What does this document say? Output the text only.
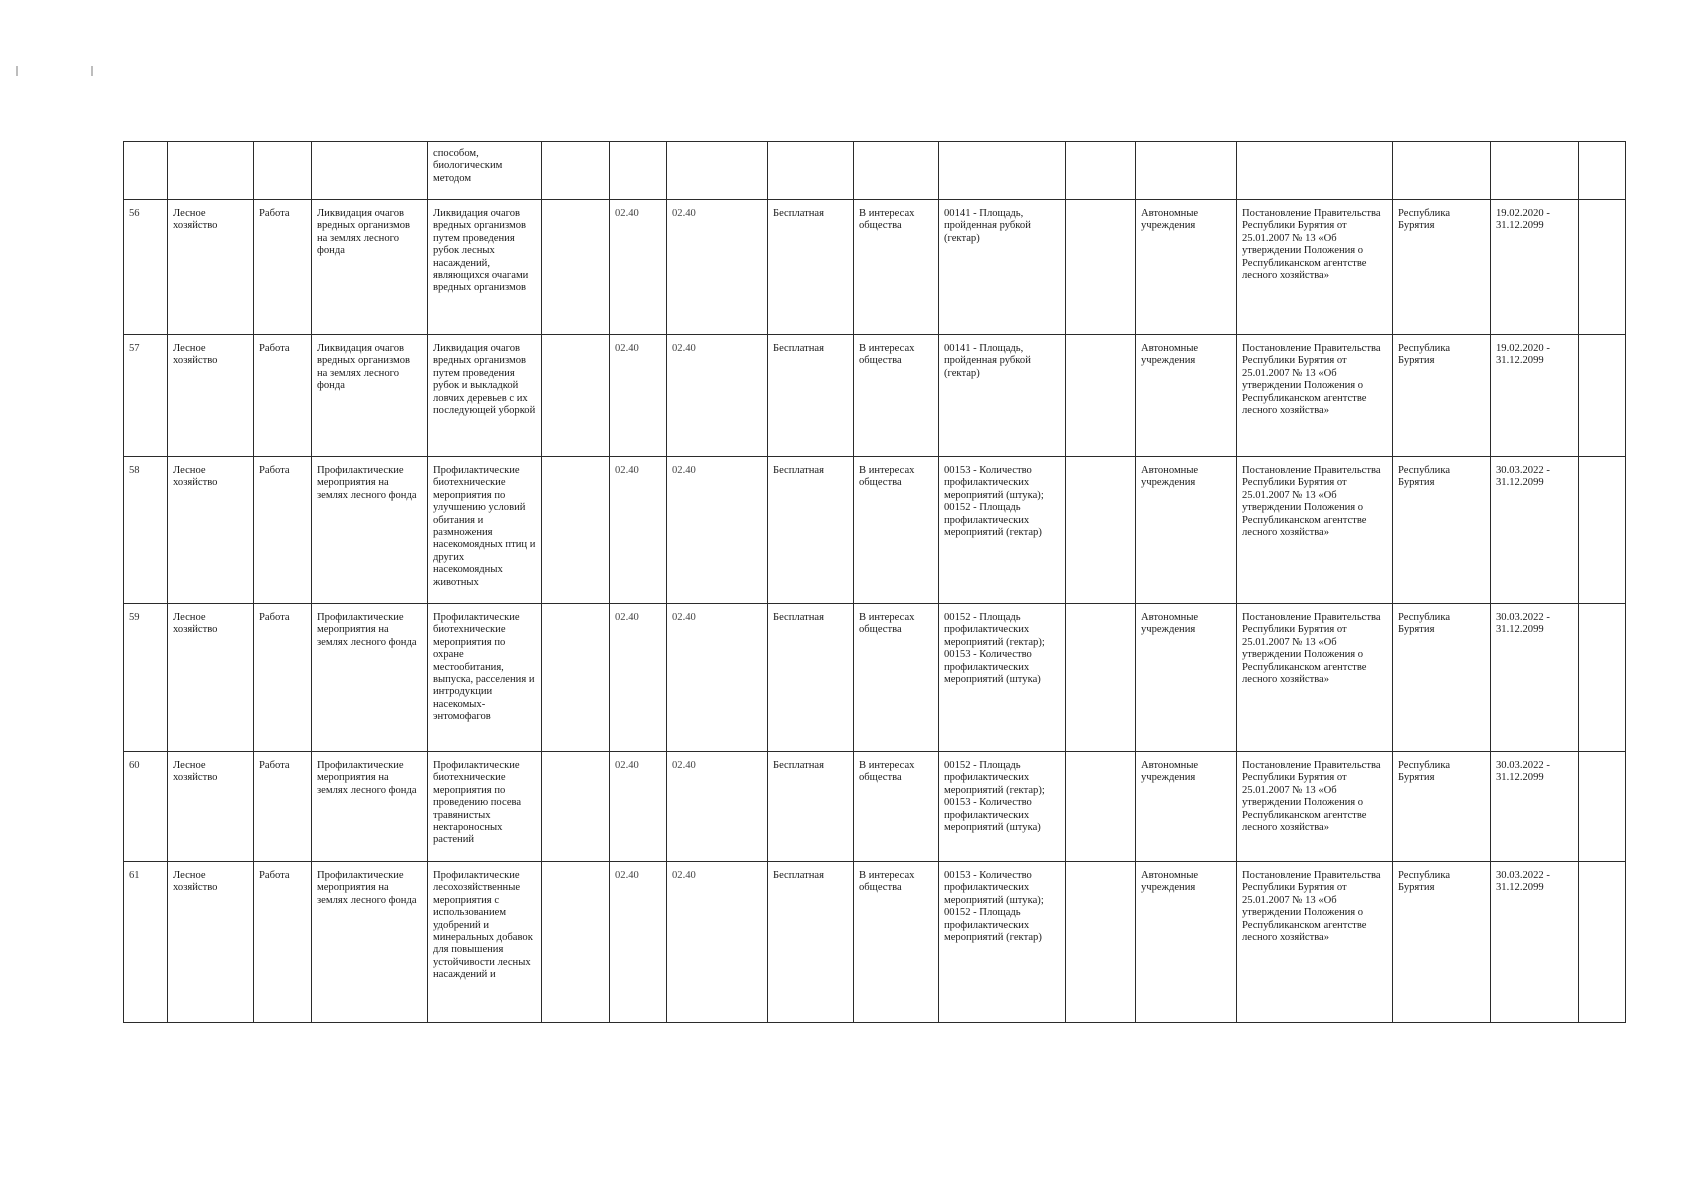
				способом, биологическим методом												
56	Лесное хозяйство	Работа	Ликвидация очагов вредных организмов на землях лесного фонда	Ликвидация очагов вредных организмов путем проведения рубок лесных насаждений, являющихся очагами вредных организмов		02.40	02.40	Бесплатная	В интересах общества	00141 - Площадь, пройденная рубкой (гектар)		Автономные учреждения	Постановление Правительства Республики Бурятия от 25.01.2007 № 13 «Об утверждении Положения о Республиканском агентстве лесного хозяйства»	Республика Бурятия	19.02.2020 - 31.12.2099	
57	Лесное хозяйство	Работа	Ликвидация очагов вредных организмов на землях лесного фонда	Ликвидация очагов вредных организмов путем проведения рубок и выкладкой ловчих деревьев с их последующей уборкой		02.40	02.40	Бесплатная	В интересах общества	00141 - Площадь, пройденная рубкой (гектар)		Автономные учреждения	Постановление Правительства Республики Бурятия от 25.01.2007 № 13 «Об утверждении Положения о Республиканском агентстве лесного хозяйства»	Республика Бурятия	19.02.2020 - 31.12.2099	
58	Лесное хозяйство	Работа	Профилактические мероприятия на землях лесного фонда	Профилактические биотехнические мероприятия по улучшению условий обитания и размножения насекомоядных птиц и других насекомоядных животных		02.40	02.40	Бесплатная	В интересах общества	00153 - Количество профилактических мероприятий (штука); 00152 - Площадь профилактических мероприятий (гектар)		Автономные учреждения	Постановление Правительства Республики Бурятия от 25.01.2007 № 13 «Об утверждении Положения о Республиканском агентстве лесного хозяйства»	Республика Бурятия	30.03.2022 - 31.12.2099	
59	Лесное хозяйство	Работа	Профилактические мероприятия на землях лесного фонда	Профилактические биотехнические мероприятия по охране местообитания, выпуска, расселения и интродукции насекомых-энтомофагов		02.40	02.40	Бесплатная	В интересах общества	00152 - Площадь профилактических мероприятий (гектар); 00153 - Количество профилактических мероприятий (штука)		Автономные учреждения	Постановление Правительства Республики Бурятия от 25.01.2007 № 13 «Об утверждении Положения о Республиканском агентстве лесного хозяйства»	Республика Бурятия	30.03.2022 - 31.12.2099	
60	Лесное хозяйство	Работа	Профилактические мероприятия на землях лесного фонда	Профилактические биотехнические мероприятия по проведению посева травянистых нектароносных растений		02.40	02.40	Бесплатная	В интересах общества	00152 - Площадь профилактических мероприятий (гектар); 00153 - Количество профилактических мероприятий (штука)		Автономные учреждения	Постановление Правительства Республики Бурятия от 25.01.2007 № 13 «Об утверждении Положения о Республиканском агентстве лесного хозяйства»	Республика Бурятия	30.03.2022 - 31.12.2099	
61	Лесное хозяйство	Работа	Профилактические мероприятия на землях лесного фонда	Профилактические лесохозяйственные мероприятия с использованием удобрений и минеральных добавок для повышения устойчивости лесных насаждений и		02.40	02.40	Бесплатная	В интересах общества	00153 - Количество профилактических мероприятий (штука); 00152 - Площадь профилактических мероприятий (гектар)		Автономные учреждения	Постановление Правительства Республики Бурятия от 25.01.2007 № 13 «Об утверждении Положения о Республиканском агентстве лесного хозяйства»	Республика Бурятия	30.03.2022 - 31.12.2099	
